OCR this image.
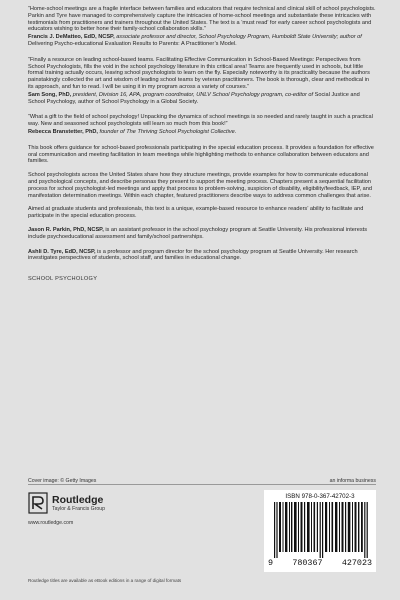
“Home-school meetings are a fragile interface between families and educators that require technical and clinical skill of school psychologists. Parkin and Tyre have managed to comprehensively capture the intricacies of home-school meetings and substantiate these intricacies with testimonials from practitioners and trainers throughout the United States. The text is a ‘must read’ for early career school psychologists and educators wishing to better hone their family-school collaboration skills.”

Francis J. DeMatteo, EdD, NCSP, associate professor and director, School Psychology Program, Humboldt State University; author of Delivering Psycho-educational Evaluation Results to Parents: A Practitioner’s Model.

“Finally a resource on leading school-based teams. Facilitating Effective Communication in School-Based Meetings: Perspectives from School Psychologists, fills the void in the school psychology literature in this critical area! Teams are frequently used in schools, but little formal training actually occurs, leaving school psychologists to learn on the fly. Especially noteworthy is its practicality because the authors painstakingly collected the art and wisdom of leading school teams by veteran practitioners. The book is thorough, clear and methodical in its approach, and fun to read. I will be using it in my program across a variety of courses.”

Sam Song, PhD, president, Division 16, APA, program coordinator, UNLV School Psychology program, co-editor of Social Justice and School Psychology, author of School Psychology in a Global Society.

“What a gift to the field of school psychology! Unpacking the dynamics of school meetings is so needed and rarely taught in such a practical way. New and seasoned school psychologists will learn so much from this book!”

Rebecca Branstetter, PhD, founder of The Thriving School Psychologist Collective.

This book offers guidance for school-based professionals participating in the special education process. It provides a foundation for effective oral communication and meeting facilitation in team meetings while highlighting methods to enhance collaboration between educators and families.

School psychologists across the United States share how they structure meetings, provide examples for how to communicate educational and psychological concepts, and describe personas they present to support the meeting process. Chapters present a sequential facilitation process for school psychologist-led meetings and apply that process to problem-solving, suspicion of disability, eligibility/feedback, IEP, and manifestation determination meetings. Within each chapter, featured practitioners describe ways to address common challenges that arise.

Aimed at graduate students and professionals, this text is a unique, example-based resource to enhance readers’ ability to facilitate and participate in the special education process.

Jason R. Parkin, PhD, NCSP, is an assistant professor in the school psychology program at Seattle University. His professional interests include psychoeducational assessment and family/school partnerships.

Ashli D. Tyre, EdD, NCSP, is a professor and program director for the school psychology program at Seattle University. Her research investigates perspectives of students, school staff, and families in educational change.

SCHOOL PSYCHOLOGY

Cover image: © Getty Images	an informa business

Routledge
Taylor & Francis Group

www.routledge.com

Routledge titles are available as eBook editions in a range of digital formats

ISBN 978-0-367-42702-3
9 780367 427023
